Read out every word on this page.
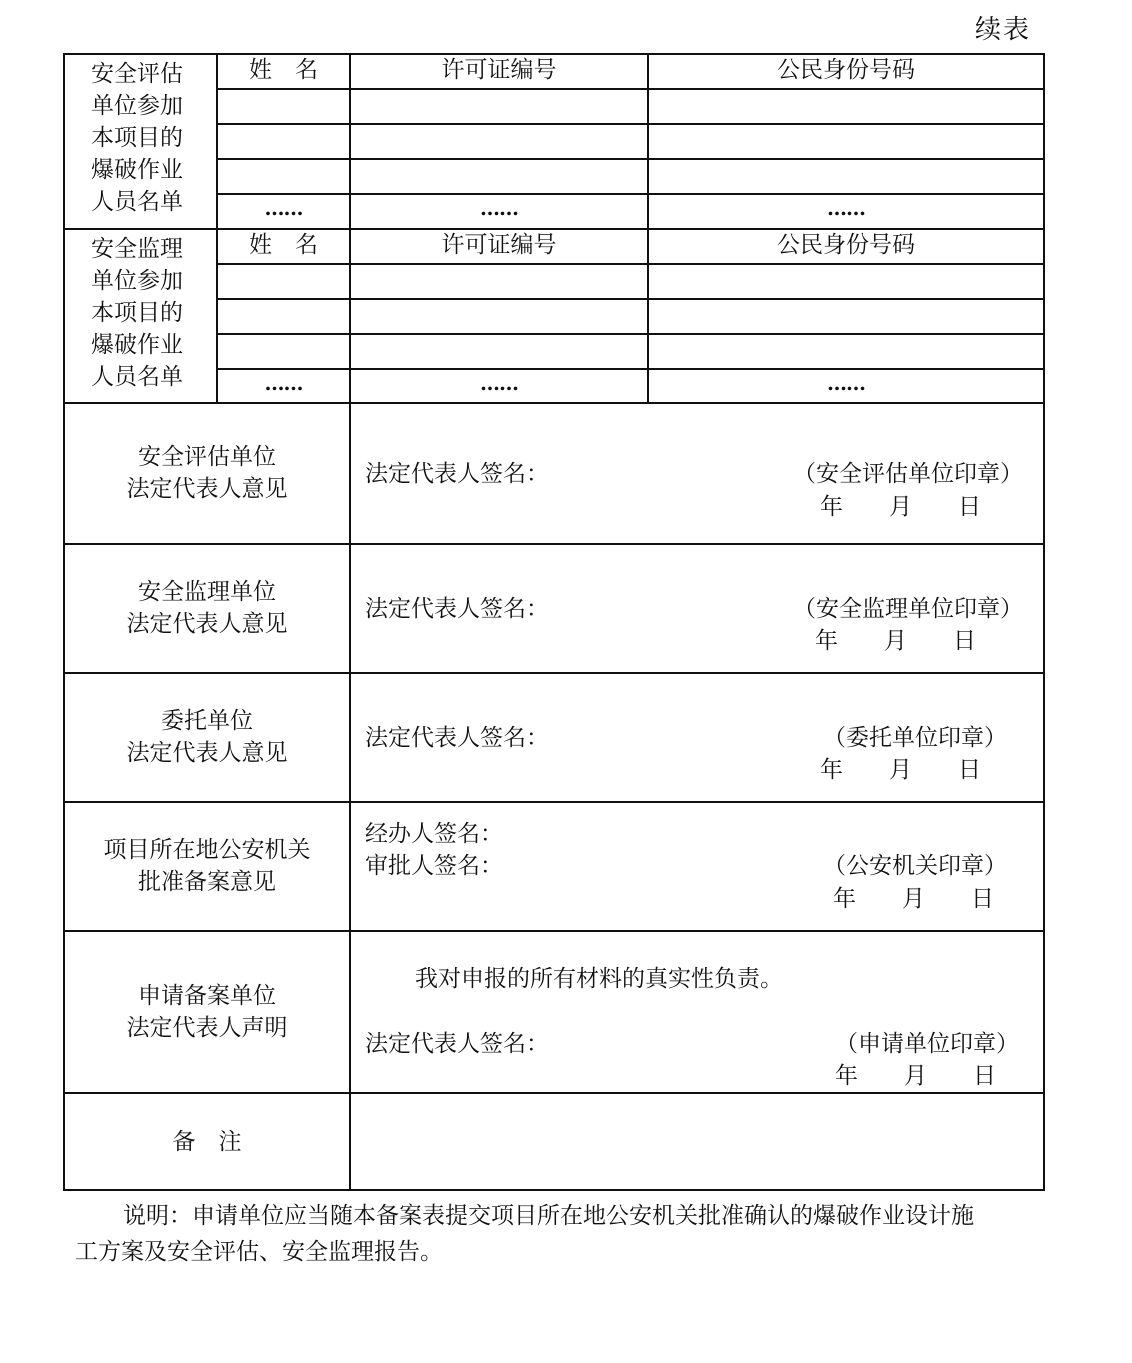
续表
安全评估
单位参加
本项目的
爆破作业
人员名单
姓　名	许可证编号	公民身份号码
……	……	……
安全监理
单位参加
本项目的
爆破作业
人员名单
姓　名	许可证编号	公民身份号码
……	……	……
安全评估单位
法定代表人意见
法定代表人签名：	（安全评估单位印章）
年　　月　　日
安全监理单位
法定代表人意见
法定代表人签名：	（安全监理单位印章）
年　　月　　日
委托单位
法定代表人意见
法定代表人签名：	（委托单位印章）
年　　月　　日
项目所在地公安机关
批准备案意见
经办人签名：
审批人签名：	（公安机关印章）
年　　月　　日
申请备案单位
法定代表人声明
我对申报的所有材料的真实性负责。
法定代表人签名：	（申请单位印章）
年　　月　　日
备　注
说明：申请单位应当随本备案表提交项目所在地公安机关批准确认的爆破作业设计施
工方案及安全评估、安全监理报告。
